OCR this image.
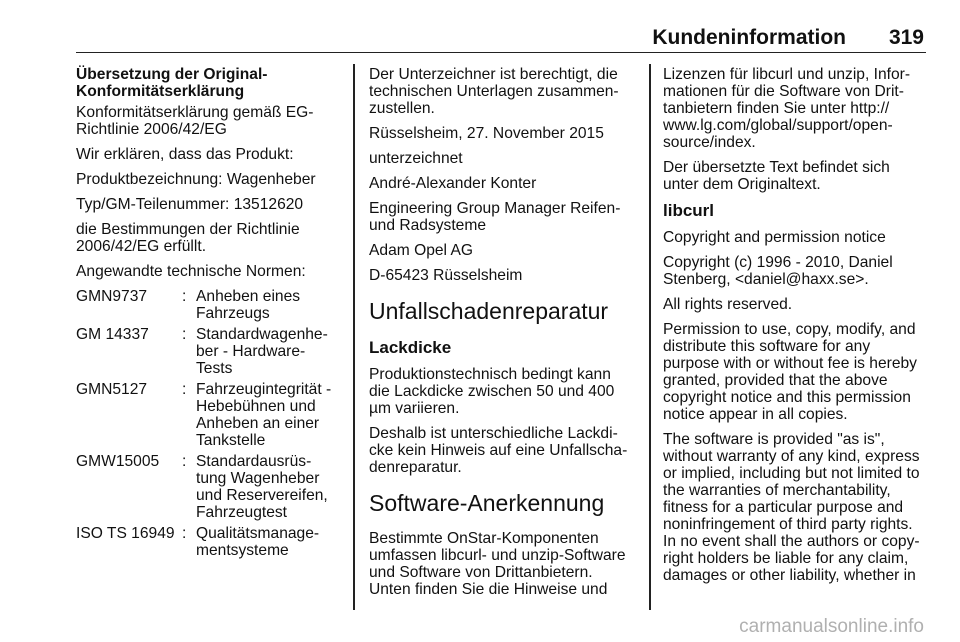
Kundeninformation 319
Übersetzung der Original-
Konformitätserklärung

Konformitätserklärung gemäß EG-
Richtlinie 2006/42/EG

Wir erklären, dass das Produkt:

Produktbezeichnung: Wagenheber

Typ/GM-Teilenummer: 13512620

die Bestimmungen der Richtlinie
2006/42/EG erfüllt.

Angewandte technische Normen:

GMN9737	:	Anheben eines
Fahrzeugs
GM 14337	:	Standardwagenhe-
ber - Hardware-
Tests
GMN5127	:	Fahrzeugintegrität -
Hebebühnen und
Anheben an einer
Tankstelle
GMW15005	:	Standardausrüs-
tung Wagenheber
und Reservereifen,
Fahrzeugtest
ISO TS 16949	:	Qualitätsmanage-
mentsysteme

Der Unterzeichner ist berechtigt, die
technischen Unterlagen zusammen-
zustellen.

Rüsselsheim, 27. November 2015

unterzeichnet

André-Alexander Konter

Engineering Group Manager Reifen-
und Radsysteme

Adam Opel AG

D-65423 Rüsselsheim

Unfallschadenreparatur
Lackdicke

Produktionstechnisch bedingt kann
die Lackdicke zwischen 50 und 400
µm variieren.

Deshalb ist unterschiedliche Lackdi-
cke kein Hinweis auf eine Unfallscha-
denreparatur.

Software-Anerkennung

Bestimmte OnStar-Komponenten
umfassen libcurl- und unzip-Software
und Software von Drittanbietern.
Unten finden Sie die Hinweise und

Lizenzen für libcurl und unzip, Infor-
mationen für die Software von Drit-
tanbietern finden Sie unter http://
www.lg.com/global/support/open-
source/index.

Der übersetzte Text befindet sich
unter dem Originaltext.

libcurl

Copyright and permission notice

Copyright (c) 1996 - 2010, Daniel
Stenberg, <daniel@haxx.se>.

All rights reserved.

Permission to use, copy, modify, and
distribute this software for any
purpose with or without fee is hereby
granted, provided that the above
copyright notice and this permission
notice appear in all copies.

The software is provided "as is",
without warranty of any kind, express
or implied, including but not limited to
the warranties of merchantability,
fitness for a particular purpose and
noninfringement of third party rights.
In no event shall the authors or copy-
right holders be liable for any claim,
damages or other liability, whether in

carmanualsonline.info
